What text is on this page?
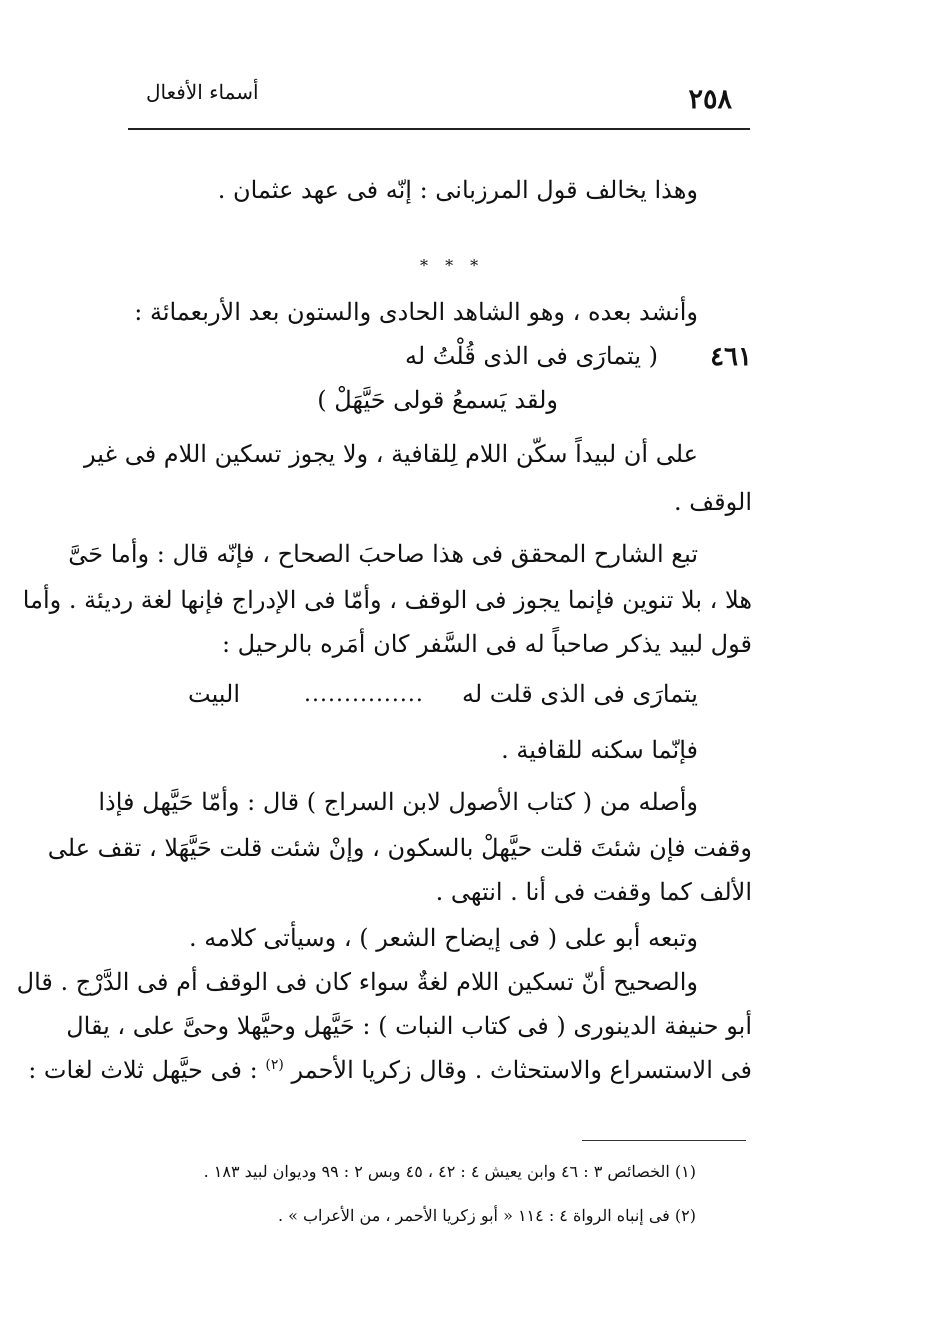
٢٥٨
أسماء الأفعال
وهذا يخالف قول المرزبانى : إنّه فى عهد عثمان .
* * *
وأنشد بعده ، وهو الشاهد الحادى والستون بعد الأربعمائة :
٤٦١
( يتمارَى فى الذى قُلْتُ له
ولقد يَسمعُ قولى حَيَّهَلْ )
على أن لبيداً سكّن اللام لِلقافية ، ولا يجوز تسكين اللام فى غير
الوقف .
تبع الشارح المحقق فى هذا صاحبَ الصحاح ، فإنّه قال : وأما حَىَّ
هلا ، بلا تنوين فإنما يجوز فى الوقف ، وأمّا فى الإدراج فإنها لغة رديئة . وأما
قول لبيد يذكر صاحباً له فى السَّفر كان أمَره بالرحيل :
يتمارَى فى الذى قلت له
...............
البيت
فإنّما سكنه للقافية .
وأصله من ( كتاب الأصول لابن السراج ) قال : وأمّا حَيَّهل فإذا
وقفت فإن شئتَ قلت حيَّهلْ بالسكون ، وإنْ شئت قلت حَيَّهَلا ، تقف على
الألف كما وقفت فى أنا . انتهى .
وتبعه أبو على ( فى إيضاح الشعر ) ، وسيأتى كلامه .
والصحيح أنّ تسكين اللام لغةٌ سواء كان فى الوقف أم فى الدَّرْج . قال
أبو حنيفة الدينورى ( فى كتاب النبات ) : حَيَّهل وحيَّهلا وحىَّ على ، يقال
فى الاستسراع والاستحثاث . وقال زكريا الأحمر $^{(٢)}$ : فى حيَّهل ثلاث لغات :
(١) الخصائص ٣ : ٤٦ وابن يعيش ٤ : ٤٢ ، ٤٥ وبس ٢ : ٩٩ وديوان لبيد ١٨٣ .
(٢) فى إنباه الرواة ٤ : ١١٤ « أبو زكريا الأحمر ، من الأعراب » .
